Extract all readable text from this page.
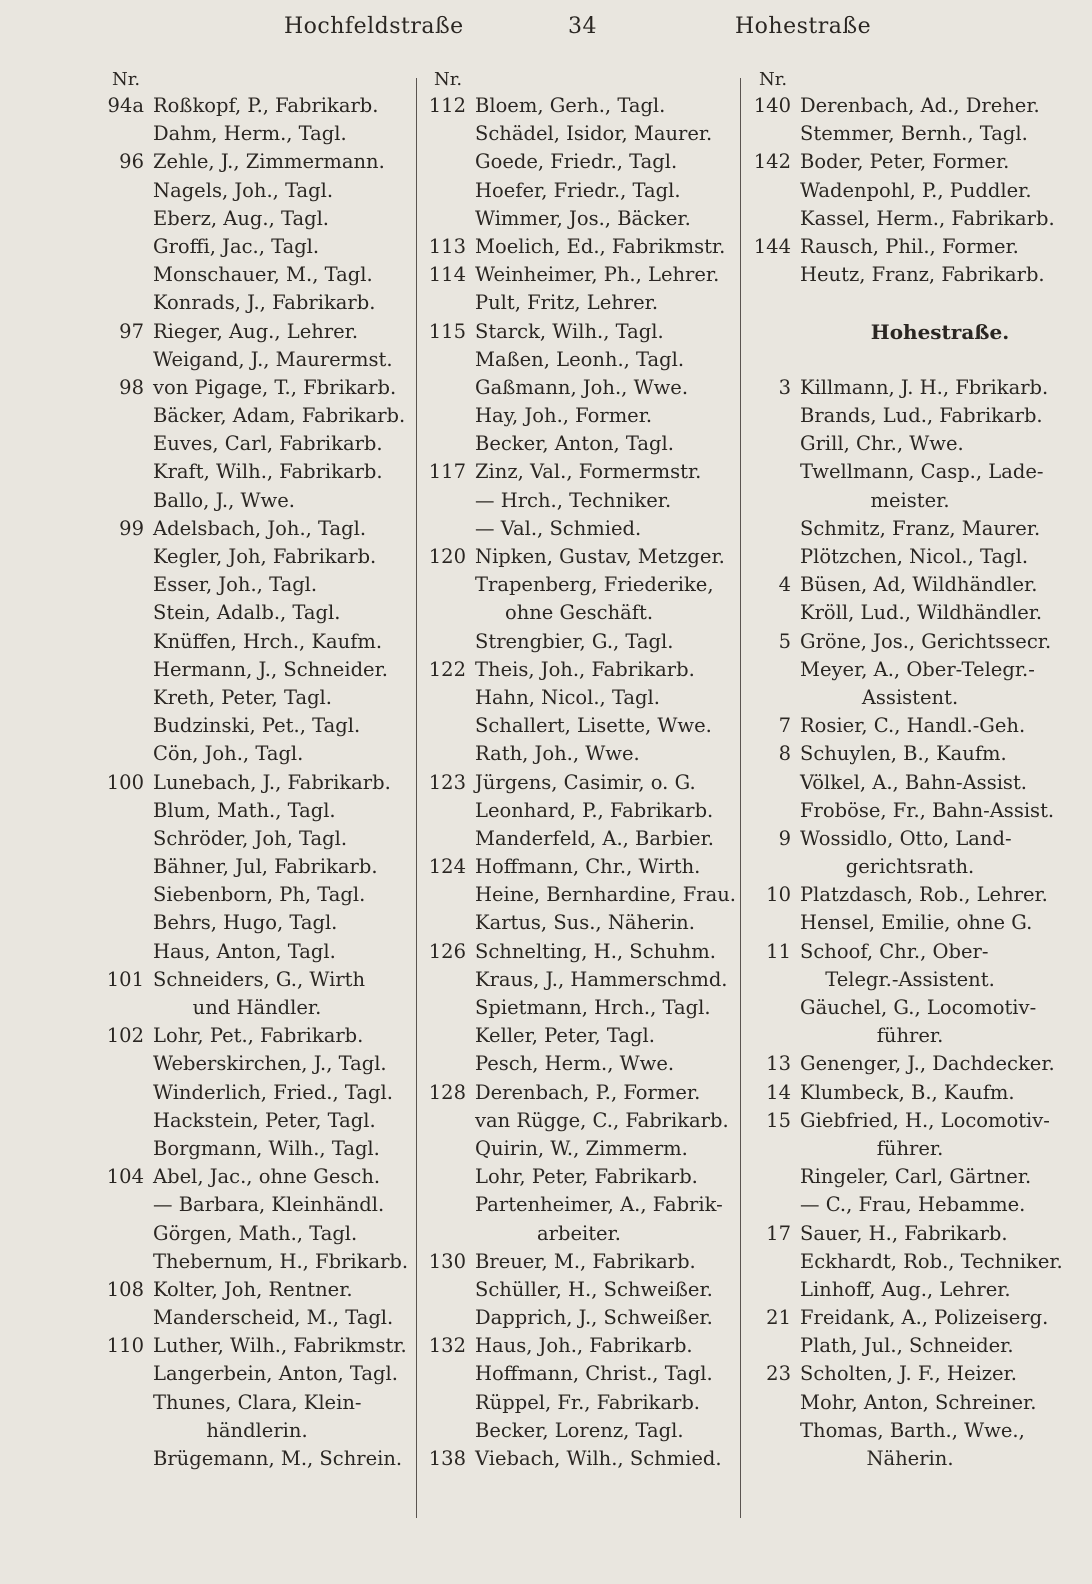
Hochfeldstraße	34	Hohestraße
Nr.
94a Roßkopf, P., Fabrikarb.
Dahm, Herm., Tagl.
96 Zehle, J., Zimmermann.
Nagels, Joh., Tagl.
Eberz, Aug., Tagl.
Groffi, Jac., Tagl.
Monschauer, M., Tagl.
Konrads, J., Fabrikarb.
97 Rieger, Aug., Lehrer.
Weigand, J., Maurermst.
98 von Pigage, T., Fbrikarb.
Bäcker, Adam, Fabrikarb.
Euves, Carl, Fabrikarb.
Kraft, Wilh., Fabrikarb.
Ballo, J., Wwe.
99 Adelsbach, Joh., Tagl.
Kegler, Joh, Fabrikarb.
Esser, Joh., Tagl.
Stein, Adalb., Tagl.
Knüffen, Hrch., Kaufm.
Hermann, J., Schneider.
Kreth, Peter, Tagl.
Budzinski, Pet., Tagl.
Cön, Joh., Tagl.
100 Lunebach, J., Fabrikarb.
Blum, Math., Tagl.
Schröder, Joh, Tagl.
Bähner, Jul, Fabrikarb.
Siebenborn, Ph, Tagl.
Behrs, Hugo, Tagl.
Haus, Anton, Tagl.
101 Schneiders, G., Wirth
und Händler.
102 Lohr, Pet., Fabrikarb.
Weberskirchen, J., Tagl.
Winderlich, Fried., Tagl.
Hackstein, Peter, Tagl.
Borgmann, Wilh., Tagl.
104 Abel, Jac., ohne Gesch.
— Barbara, Kleinhändl.
Görgen, Math., Tagl.
Thebernum, H., Fbrikarb.
108 Kolter, Joh, Rentner.
Manderscheid, M., Tagl.
110 Luther, Wilh., Fabrikmstr.
Langerbein, Anton, Tagl.
Thunes, Clara, Klein-
händlerin.
Brügemann, M., Schrein.
Nr.
112 Bloem, Gerh., Tagl.
Schädel, Isidor, Maurer.
Goede, Friedr., Tagl.
Hoefer, Friedr., Tagl.
Wimmer, Jos., Bäcker.
113 Moelich, Ed., Fabrikmstr.
114 Weinheimer, Ph., Lehrer.
Pult, Fritz, Lehrer.
115 Starck, Wilh., Tagl.
Maßen, Leonh., Tagl.
Gaßmann, Joh., Wwe.
Hay, Joh., Former.
Becker, Anton, Tagl.
117 Zinz, Val., Formermstr.
— Hrch., Techniker.
— Val., Schmied.
120 Nipken, Gustav, Metzger.
Trapenberg, Friederike,
ohne Geschäft.
Strengbier, G., Tagl.
122 Theis, Joh., Fabrikarb.
Hahn, Nicol., Tagl.
Schallert, Lisette, Wwe.
Rath, Joh., Wwe.
123 Jürgens, Casimir, o. G.
Leonhard, P., Fabrikarb.
Manderfeld, A., Barbier.
124 Hoffmann, Chr., Wirth.
Heine, Bernhardine, Frau.
Kartus, Sus., Näherin.
126 Schnelting, H., Schuhm.
Kraus, J., Hammerschmd.
Spietmann, Hrch., Tagl.
Keller, Peter, Tagl.
Pesch, Herm., Wwe.
128 Derenbach, P., Former.
van Rügge, C., Fabrikarb.
Quirin, W., Zimmerm.
Lohr, Peter, Fabrikarb.
Partenheimer, A., Fabrik-
arbeiter.
130 Breuer, M., Fabrikarb.
Schüller, H., Schweißer.
Dapprich, J., Schweißer.
132 Haus, Joh., Fabrikarb.
Hoffmann, Christ., Tagl.
Rüppel, Fr., Fabrikarb.
Becker, Lorenz, Tagl.
138 Viebach, Wilh., Schmied.
Nr.
140 Derenbach, Ad., Dreher.
Stemmer, Bernh., Tagl.
142 Boder, Peter, Former.
Wadenpohl, P., Puddler.
Kassel, Herm., Fabrikarb.
144 Rausch, Phil., Former.
Heutz, Franz, Fabrikarb.
Hohestraße.
3 Killmann, J. H., Fbrikarb.
Brands, Lud., Fabrikarb.
Grill, Chr., Wwe.
Twellmann, Casp., Lade-
meister.
Schmitz, Franz, Maurer.
Plötzchen, Nicol., Tagl.
4 Büsen, Ad, Wildhändler.
Kröll, Lud., Wildhändler.
5 Gröne, Jos., Gerichtssecr.
Meyer, A., Ober-Telegr.-
Assistent.
7 Rosier, C., Handl.-Geh.
8 Schuylen, B., Kaufm.
Völkel, A., Bahn-Assist.
Froböse, Fr., Bahn-Assist.
9 Wossidlo, Otto, Land-
gerichtsrath.
10 Platzdasch, Rob., Lehrer.
Hensel, Emilie, ohne G.
11 Schoof, Chr., Ober-
Telegr.-Assistent.
Gäuchel, G., Locomotiv-
führer.
13 Genenger, J., Dachdecker.
14 Klumbeck, B., Kaufm.
15 Giebfried, H., Locomotiv-
führer.
Ringeler, Carl, Gärtner.
— C., Frau, Hebamme.
17 Sauer, H., Fabrikarb.
Eckhardt, Rob., Techniker.
Linhoff, Aug., Lehrer.
21 Freidank, A., Polizeiserg.
Plath, Jul., Schneider.
23 Scholten, J. F., Heizer.
Mohr, Anton, Schreiner.
Thomas, Barth., Wwe.,
Näherin.
